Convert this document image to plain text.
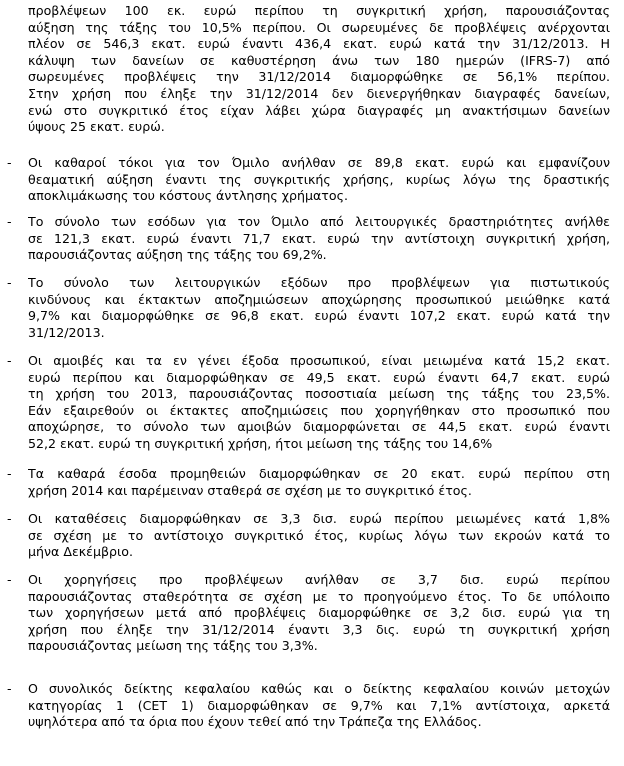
προβλέψεων 100 εκ. ευρώ περίπου τη συγκριτική χρήση, παρουσιάζοντας
αύξηση της τάξης του 10,5% περίπου. Οι σωρευμένες δε προβλέψεις ανέρχονται
πλέον σε 546,3 εκατ. ευρώ έναντι 436,4 εκατ. ευρώ κατά την 31/12/2013. Η
κάλυψη των δανείων σε καθυστέρηση άνω των 180 ημερών (IFRS-7) από
σωρευμένες προβλέψεις την 31/12/2014 διαμορφώθηκε σε 56,1% περίπου.
Στην χρήση που έληξε την 31/12/2014 δεν διενεργήθηκαν διαγραφές δανείων,
ενώ στο συγκριτικό έτος είχαν λάβει χώρα διαγραφές μη ανακτήσιμων δανείων
ύψους 25 εκατ. ευρώ.
- Οι καθαροί τόκοι για τον Όμιλο ανήλθαν σε 89,8 εκατ. ευρώ και εμφανίζουν
θεαματική αύξηση έναντι της συγκριτικής χρήσης, κυρίως λόγω της δραστικής
αποκλιμάκωσης του κόστους άντλησης χρήματος.
- Το σύνολο των εσόδων για τον Όμιλο από λειτουργικές δραστηριότητες ανήλθε
σε 121,3 εκατ. ευρώ έναντι 71,7 εκατ. ευρώ την αντίστοιχη συγκριτική χρήση,
παρουσιάζοντας αύξηση της τάξης του 69,2%.
- Το σύνολο των λειτουργικών εξόδων προ προβλέψεων για πιστωτικούς
κινδύνους και έκτακτων αποζημιώσεων αποχώρησης προσωπικού μειώθηκε κατά
9,7% και διαμορφώθηκε σε 96,8 εκατ. ευρώ έναντι 107,2 εκατ. ευρώ κατά την
31/12/2013.
- Οι αμοιβές και τα εν γένει έξοδα προσωπικού, είναι μειωμένα κατά 15,2 εκατ.
ευρώ περίπου και διαμορφώθηκαν σε 49,5 εκατ. ευρώ έναντι 64,7 εκατ. ευρώ
τη χρήση του 2013, παρουσιάζοντας ποσοστιαία μείωση της τάξης του 23,5%.
Εάν εξαιρεθούν οι έκτακτες αποζημιώσεις που χορηγήθηκαν στο προσωπικό που
αποχώρησε, το σύνολο των αμοιβών διαμορφώνεται σε 44,5 εκατ. ευρώ έναντι
52,2 εκατ. ευρώ τη συγκριτική χρήση, ήτοι μείωση της τάξης του 14,6%
- Τα καθαρά έσοδα προμηθειών διαμορφώθηκαν σε 20 εκατ. ευρώ περίπου στη
χρήση 2014 και παρέμειναν σταθερά σε σχέση με το συγκριτικό έτος.
- Οι καταθέσεις διαμορφώθηκαν σε 3,3 δισ. ευρώ περίπου μειωμένες κατά 1,8%
σε σχέση με το αντίστοιχο συγκριτικό έτος, κυρίως λόγω των εκροών κατά το
μήνα Δεκέμβριο.
- Οι χορηγήσεις προ προβλέψεων ανήλθαν σε 3,7 δισ. ευρώ περίπου
παρουσιάζοντας σταθερότητα σε σχέση με το προηγούμενο έτος. Το δε υπόλοιπο
των χορηγήσεων μετά από προβλέψεις διαμορφώθηκε σε 3,2 δισ. ευρώ για τη
χρήση που έληξε την 31/12/2014 έναντι 3,3 δις. ευρώ τη συγκριτική χρήση
παρουσιάζοντας μείωση της τάξης του 3,3%.
- Ο συνολικός δείκτης κεφαλαίου καθώς και ο δείκτης κεφαλαίου κοινών μετοχών
κατηγορίας 1 (CET 1) διαμορφώθηκαν σε 9,7% και 7,1% αντίστοιχα, αρκετά
υψηλότερα από τα όρια που έχουν τεθεί από την Τράπεζα της Ελλάδος.
